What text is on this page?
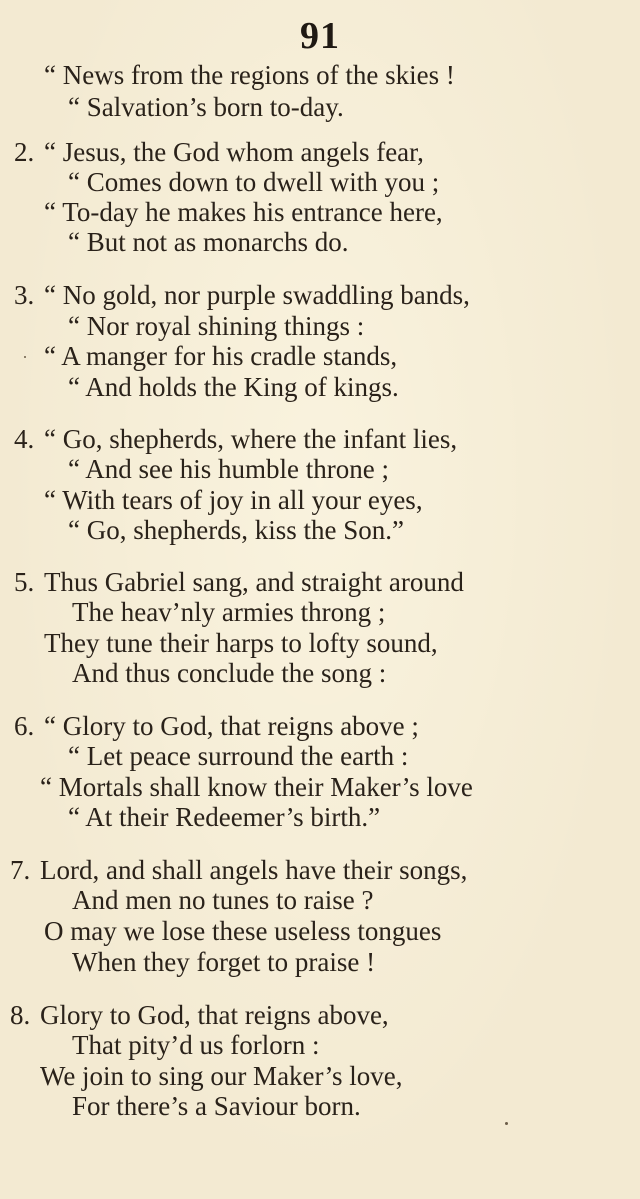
91
“ News from the regions of the skies !
“ Salvation’s born to-day.
2. “ Jesus, the God whom angels fear,
“ Comes down to dwell with you ;
“ To-day he makes his entrance here,
“ But not as monarchs do.
3. “ No gold, nor purple swaddling bands,
“ Nor royal shining things :
“ A manger for his cradle stands,
“ And holds the King of kings.
4. “ Go, shepherds, where the infant lies,
“ And see his humble throne ;
“ With tears of joy in all your eyes,
“ Go, shepherds, kiss the Son.”
5. Thus Gabriel sang, and straight around
The heav’nly armies throng ;
They tune their harps to lofty sound,
And thus conclude the song :
6. “ Glory to God, that reigns above ;
“ Let peace surround the earth :
“ Mortals shall know their Maker’s love
“ At their Redeemer’s birth.”
7. Lord, and shall angels have their songs,
And men no tunes to raise ?
O may we lose these useless tongues
When they forget to praise !
8. Glory to God, that reigns above,
That pity’d us forlorn :
We join to sing our Maker’s love,
For there’s a Saviour born.
